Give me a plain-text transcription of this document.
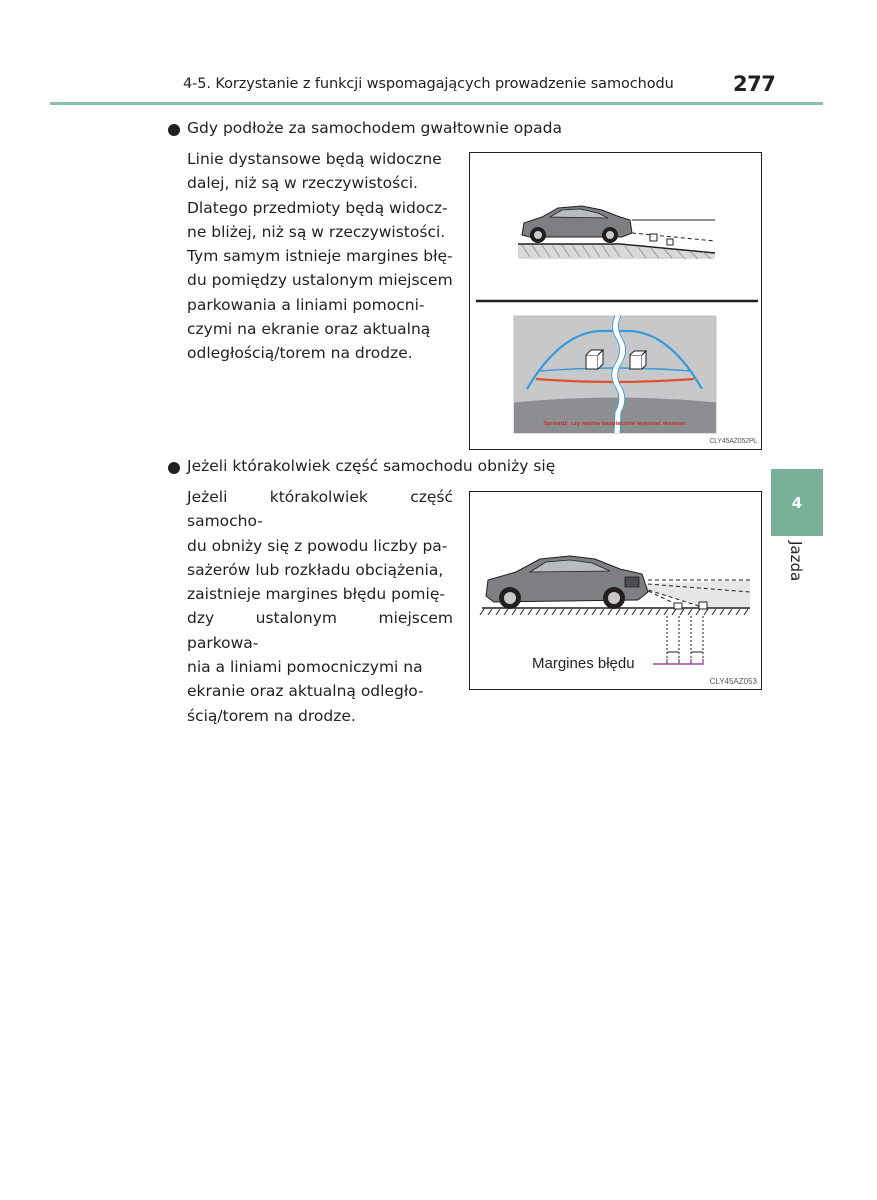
4-5. Korzystanie z funkcji wspomagających prowadzenie samochodu	277
Gdy podłoże za samochodem gwałtownie opada
Linie dystansowe będą widoczne
dalej, niż są w rzeczywistości.
Dlatego przedmioty będą widocz-
ne bliżej, niż są w rzeczywistości.
Tym samym istnieje margines błę-
du pomiędzy ustalonym miejscem
parkowania a liniami pomocni-
czymi na ekranie oraz aktualną
odległością/torem na drodze.
Sprawdź, czy można bezpiecznie wykonać manewr.
CLY45AZ052PL
Jeżeli którakolwiek część samochodu obniży się
Jeżeli którakolwiek część samocho-
du obniży się z powodu liczby pa-
sażerów lub rozkładu obciążenia,
zaistnieje margines błędu pomię-
dzy ustalonym miejscem parkowa-
nia a liniami pomocniczymi na
ekranie oraz aktualną odległo-
ścią/torem na drodze.
Margines błędu
CLY45AZ053
4
Jazda
